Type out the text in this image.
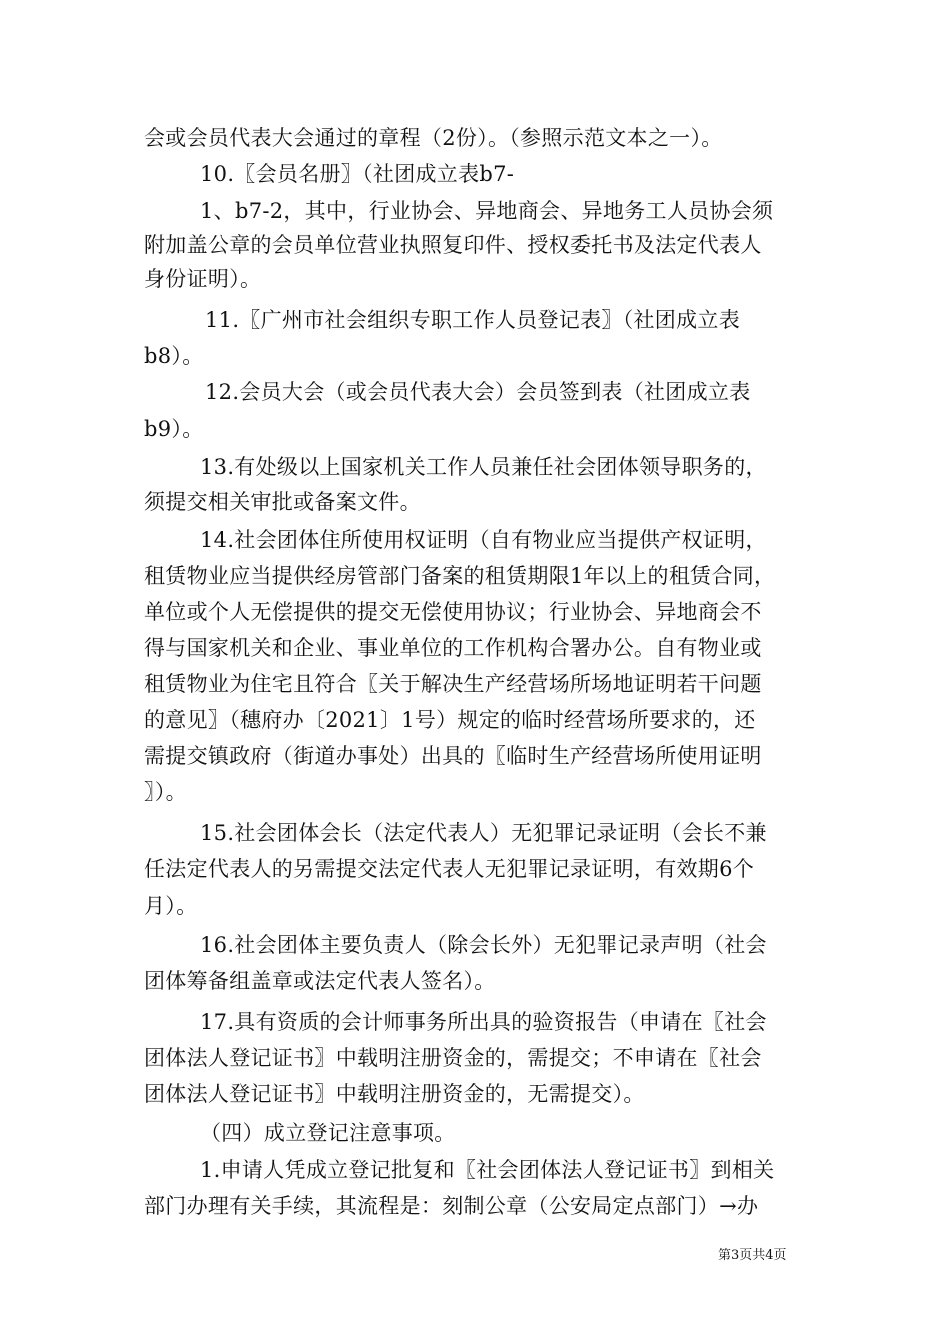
会或会员代表大会通过的章程（2份）。（参照示范文本之一）。
10.〖会员名册〗（社团成立表b7-
1、b7-2，其中，行业协会、异地商会、异地务工人员协会须
附加盖公章的会员单位营业执照复印件、授权委托书及法定代表人
身份证明）。
11.〖广州市社会组织专职工作人员登记表〗（社团成立表
b8）。
12.会员大会（或会员代表大会）会员签到表（社团成立表
b9）。
13.有处级以上国家机关工作人员兼任社会团体领导职务的，
须提交相关审批或备案文件。
14.社会团体住所使用权证明（自有物业应当提供产权证明，
租赁物业应当提供经房管部门备案的租赁期限1年以上的租赁合同，
单位或个人无偿提供的提交无偿使用协议；行业协会、异地商会不
得与国家机关和企业、事业单位的工作机构合署办公。自有物业或
租赁物业为住宅且符合〖关于解决生产经营场所场地证明若干问题
的意见〗（穗府办〔2021〕1号）规定的临时经营场所要求的，还
需提交镇政府（街道办事处）出具的〖临时生产经营场所使用证明
〗）。
15.社会团体会长（法定代表人）无犯罪记录证明（会长不兼
任法定代表人的另需提交法定代表人无犯罪记录证明，有效期6个
月）。
16.社会团体主要负责人（除会长外）无犯罪记录声明（社会
团体筹备组盖章或法定代表人签名）。
17.具有资质的会计师事务所出具的验资报告（申请在〖社会
团体法人登记证书〗中载明注册资金的，需提交；不申请在〖社会
团体法人登记证书〗中载明注册资金的，无需提交）。
（四）成立登记注意事项。
1.申请人凭成立登记批复和〖社会团体法人登记证书〗到相关
部门办理有关手续，其流程是：刻制公章（公安局定点部门）→办
第3页共4页
